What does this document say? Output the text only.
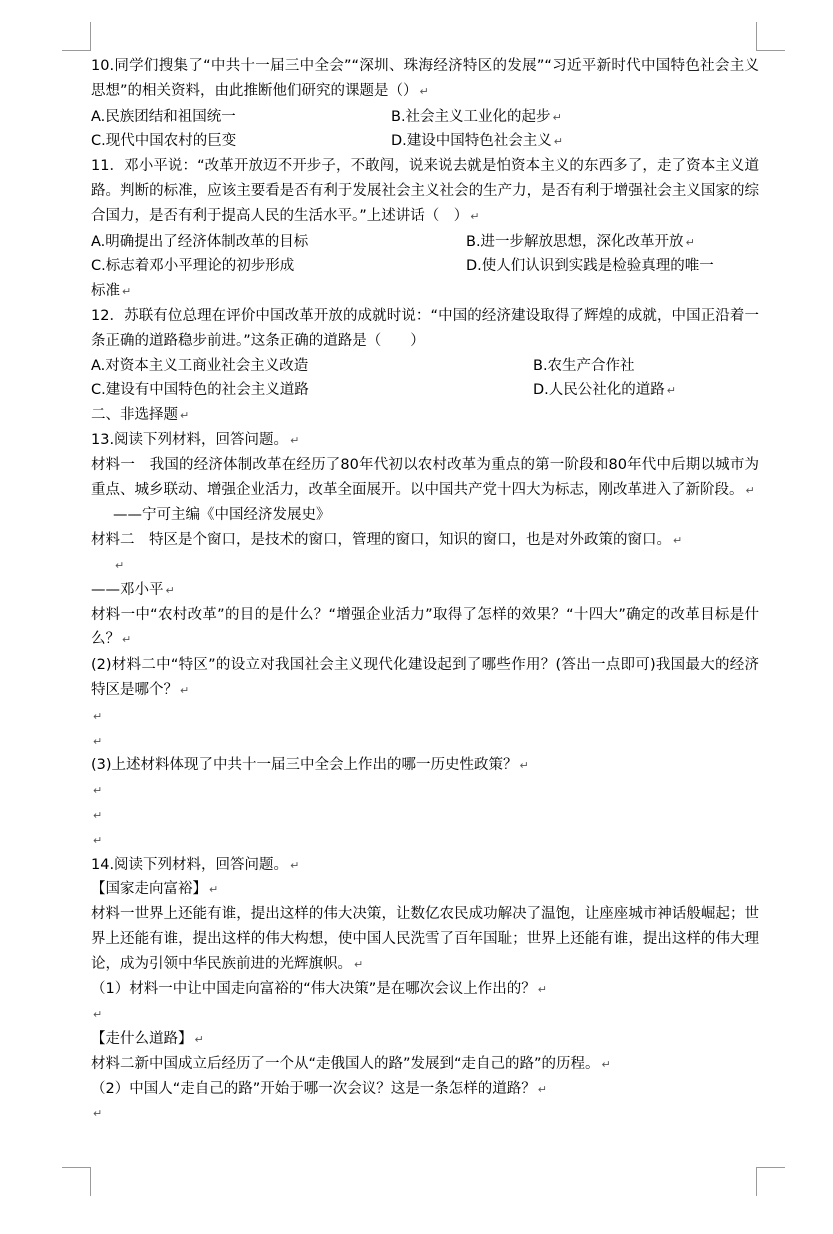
10.同学们搜集了“中共十一届三中全会”“深圳、珠海经济特区的发展”“习近平新时代中国特色社会主义思想”的相关资料，由此推断他们研究的课题是（） ↵
A.民族团结和祖国统一	B.社会主义工业化的起步 ↵
C.现代中国农村的巨变	D.建设中国特色社会主义 ↵
11．邓小平说：“改革开放迈不开步子，不敢闯，说来说去就是怕资本主义的东西多了，走了资本主义道路。判断的标准，应该主要看是否有利于发展社会主义社会的生产力，是否有利于增强社会主义国家的综合国力，是否有利于提高人民的生活水平。”上述讲话（　） ↵
A.明确提出了经济体制改革的目标	B.进一步解放思想，深化改革开放 ↵
C.标志着邓小平理论的初步形成	D.使人们认识到实践是检验真理的唯一
标准 ↵
12．苏联有位总理在评价中国改革开放的成就时说：“中国的经济建设取得了辉煌的成就，中国正沿着一条正确的道路稳步前进。”这条正确的道路是（　　）
A.对资本主义工商业社会主义改造	B.农生产合作社
C.建设有中国特色的社会主义道路	D.人民公社化的道路 ↵
二、非选择题 ↵
13.阅读下列材料，回答问题。 ↵
材料一　我国的经济体制改革在经历了80年代初以农村改革为重点的第一阶段和80年代中后期以城市为重点、城乡联动、增强企业活力，改革全面展开。以中国共产党十四大为标志，刚改革进入了新阶段。 ↵
——宁可主编《中国经济发展史》
材料二　特区是个窗口，是技术的窗口，管理的窗口，知识的窗口，也是对外政策的窗口。 ↵
↵
——邓小平 ↵
材料一中“农村改革”的目的是什么？“增强企业活力”取得了怎样的效果？“十四大”确定的改革目标是什么？ ↵
(2)材料二中“特区”的设立对我国社会主义现代化建设起到了哪些作用？(答出一点即可)我国最大的经济特区是哪个？ ↵
↵
↵
(3)上述材料体现了中共十一届三中全会上作出的哪一历史性政策？ ↵
↵
↵
↵
14.阅读下列材料，回答问题。 ↵
【国家走向富裕】 ↵
材料一世界上还能有谁，提出这样的伟大决策，让数亿农民成功解决了温饱，让座座城市神话般崛起；世界上还能有谁，提出这样的伟大构想，使中国人民洗雪了百年国耻；世界上还能有谁，提出这样的伟大理论，成为引领中华民族前进的光辉旗帜。 ↵
（1）材料一中让中国走向富裕的“伟大决策”是在哪次会议上作出的？ ↵
↵
【走什么道路】 ↵
材料二新中国成立后经历了一个从“走俄国人的路”发展到“走自己的路”的历程。 ↵
（2）中国人“走自己的路”开始于哪一次会议？这是一条怎样的道路？ ↵
↵
